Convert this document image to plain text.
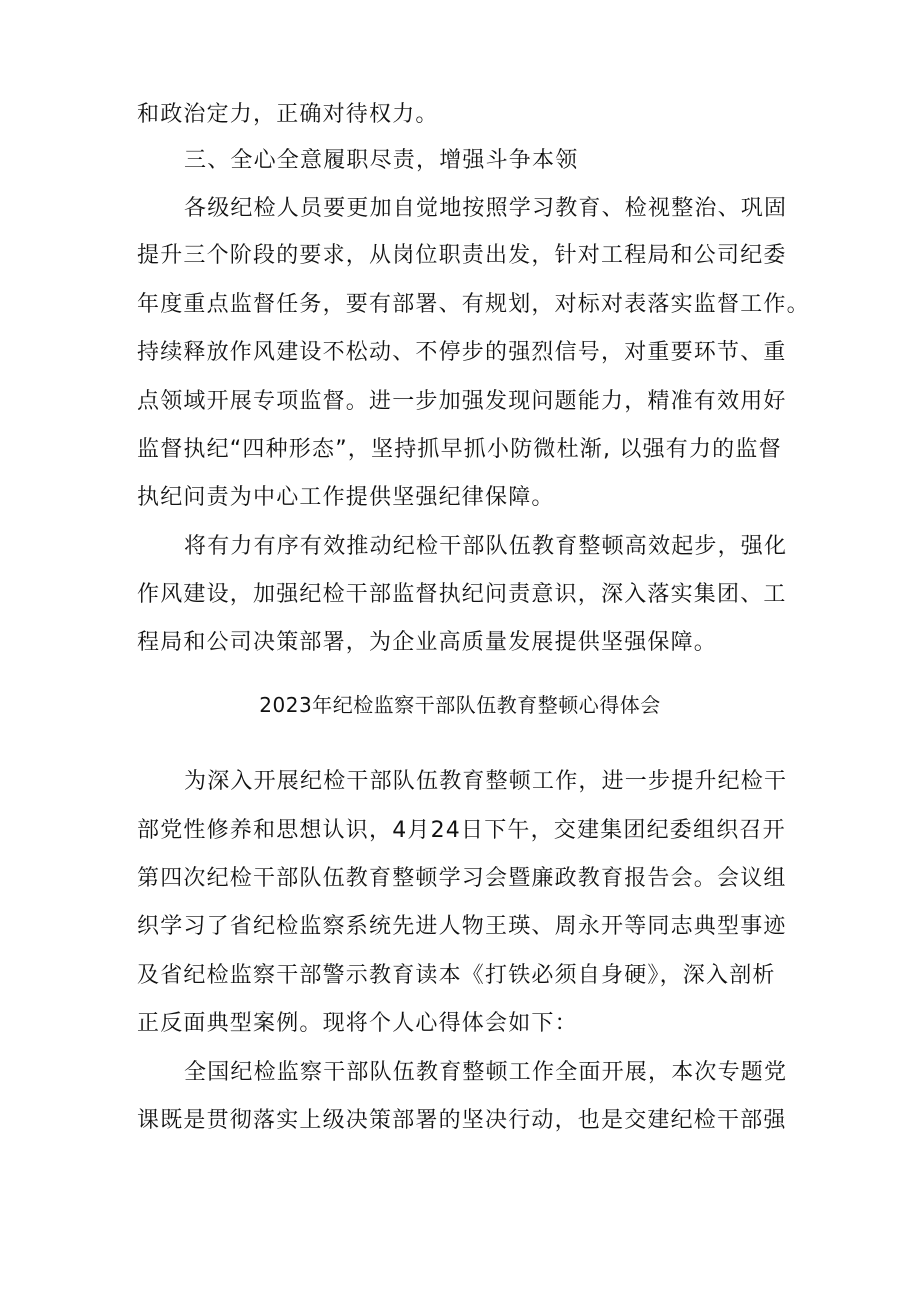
和政治定力，正确对待权力。
三、全心全意履职尽责，增强斗争本领
各级纪检人员要更加自觉地按照学习教育、检视整治、巩固
提升三个阶段的要求，从岗位职责出发，针对工程局和公司纪委
年度重点监督任务，要有部署、有规划，对标对表落实监督工作。
持续释放作风建设不松动、不停步的强烈信号，对重要环节、重
点领域开展专项监督。进一步加强发现问题能力，精准有效用好
监督执纪“四种形态”，坚持抓早抓小防微杜渐, 以强有力的监督
执纪问责为中心工作提供坚强纪律保障。
将有力有序有效推动纪检干部队伍教育整顿高效起步，强化
作风建设，加强纪检干部监督执纪问责意识，深入落实集团、工
程局和公司决策部署，为企业高质量发展提供坚强保障。
2023年纪检监察干部队伍教育整顿心得体会
为深入开展纪检干部队伍教育整顿工作，进一步提升纪检干
部党性修养和思想认识，4月24日下午，交建集团纪委组织召开
第四次纪检干部队伍教育整顿学习会暨廉政教育报告会。会议组
织学习了省纪检监察系统先进人物王瑛、周永开等同志典型事迹
及省纪检监察干部警示教育读本《打铁必须自身硬》，深入剖析
正反面典型案例。现将个人心得体会如下：
全国纪检监察干部队伍教育整顿工作全面开展，本次专题党
课既是贯彻落实上级决策部署的坚决行动，也是交建纪检干部强
